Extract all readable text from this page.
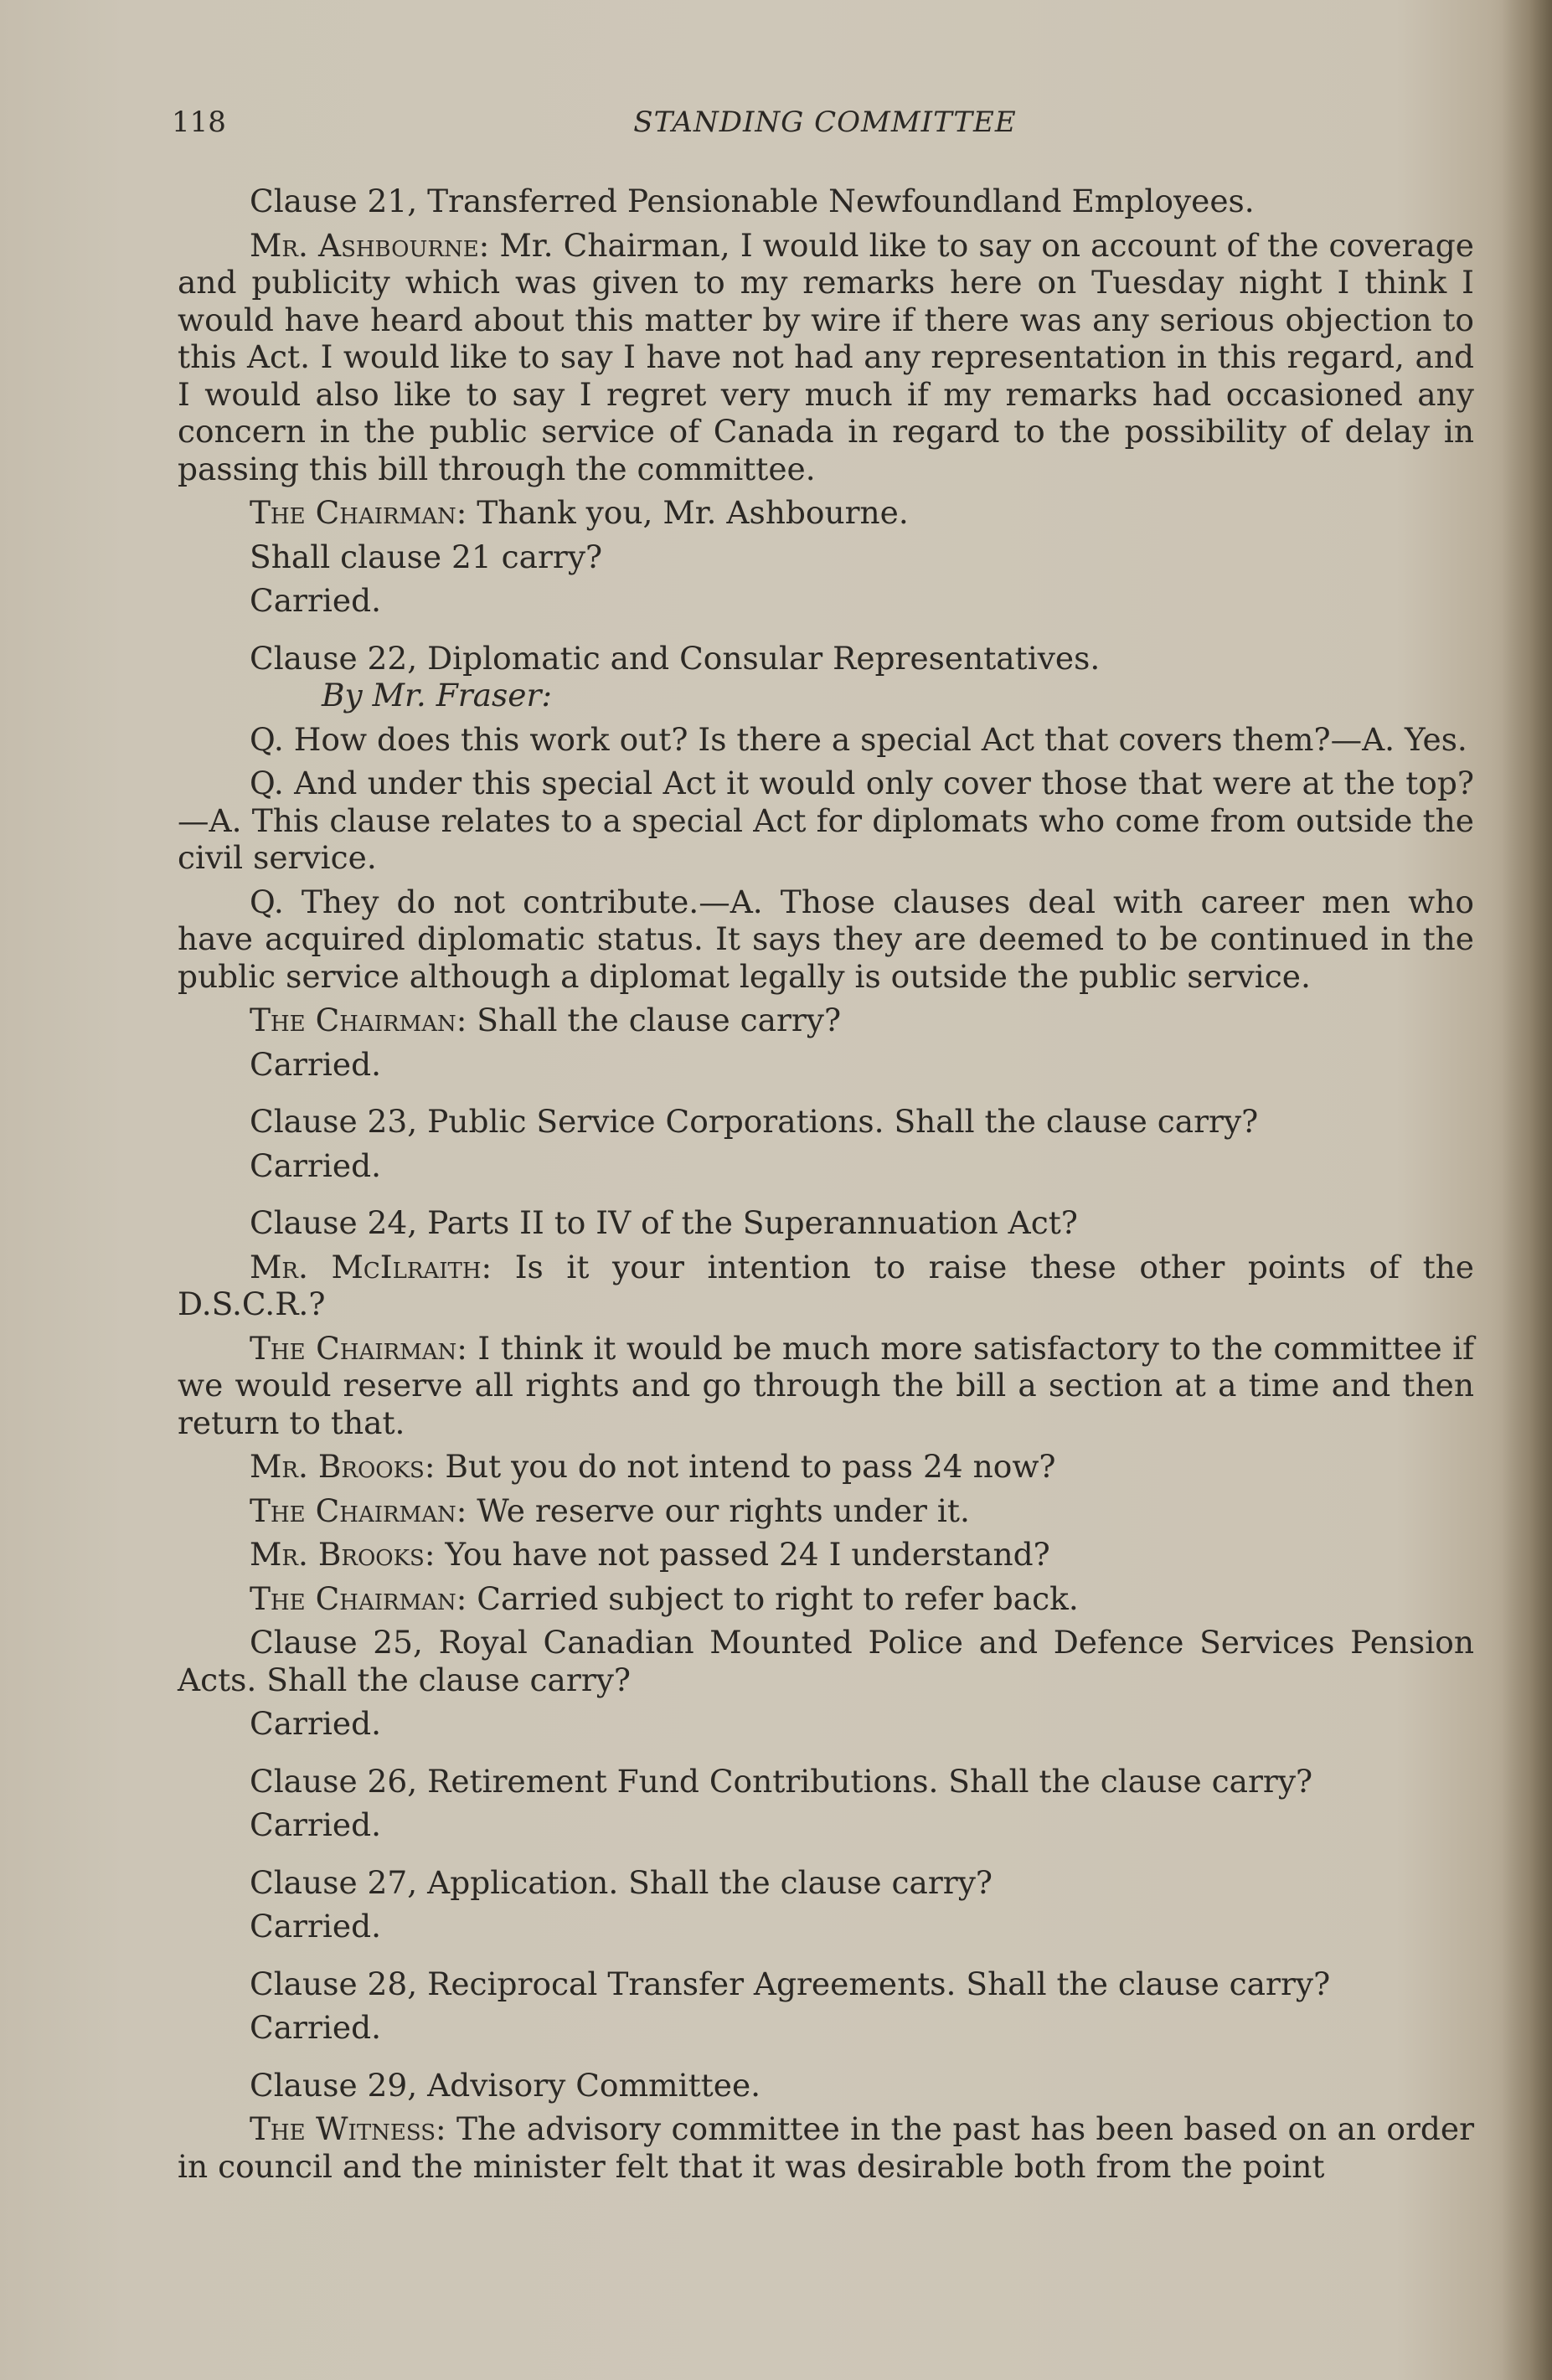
118	STANDING COMMITTEE

Clause 21, Transferred Pensionable Newfoundland Employees.

Mr. Ashbourne: Mr. Chairman, I would like to say on account of the coverage and publicity which was given to my remarks here on Tuesday night I think I would have heard about this matter by wire if there was any serious objection to this Act. I would like to say I have not had any representation in this regard, and I would also like to say I regret very much if my remarks had occasioned any concern in the public service of Canada in regard to the possibility of delay in passing this bill through the committee.

The Chairman: Thank you, Mr. Ashbourne.

Shall clause 21 carry?

Carried.

Clause 22, Diplomatic and Consular Representatives.

By Mr. Fraser:

Q. How does this work out? Is there a special Act that covers them?—A. Yes.

Q. And under this special Act it would only cover those that were at the top?—A. This clause relates to a special Act for diplomats who come from outside the civil service.

Q. They do not contribute.—A. Those clauses deal with career men who have acquired diplomatic status. It says they are deemed to be continued in the public service although a diplomat legally is outside the public service.

The Chairman: Shall the clause carry?

Carried.

Clause 23, Public Service Corporations. Shall the clause carry?

Carried.

Clause 24, Parts II to IV of the Superannuation Act?

Mr. McIlraith: Is it your intention to raise these other points of the D.S.C.R.?

The Chairman: I think it would be much more satisfactory to the committee if we would reserve all rights and go through the bill a section at a time and then return to that.

Mr. Brooks: But you do not intend to pass 24 now?

The Chairman: We reserve our rights under it.

Mr. Brooks: You have not passed 24 I understand?

The Chairman: Carried subject to right to refer back.

Clause 25, Royal Canadian Mounted Police and Defence Services Pension Acts. Shall the clause carry?

Carried.

Clause 26, Retirement Fund Contributions. Shall the clause carry?

Carried.

Clause 27, Application. Shall the clause carry?

Carried.

Clause 28, Reciprocal Transfer Agreements. Shall the clause carry?

Carried.

Clause 29, Advisory Committee.

The Witness: The advisory committee in the past has been based on an order in council and the minister felt that it was desirable both from the point
